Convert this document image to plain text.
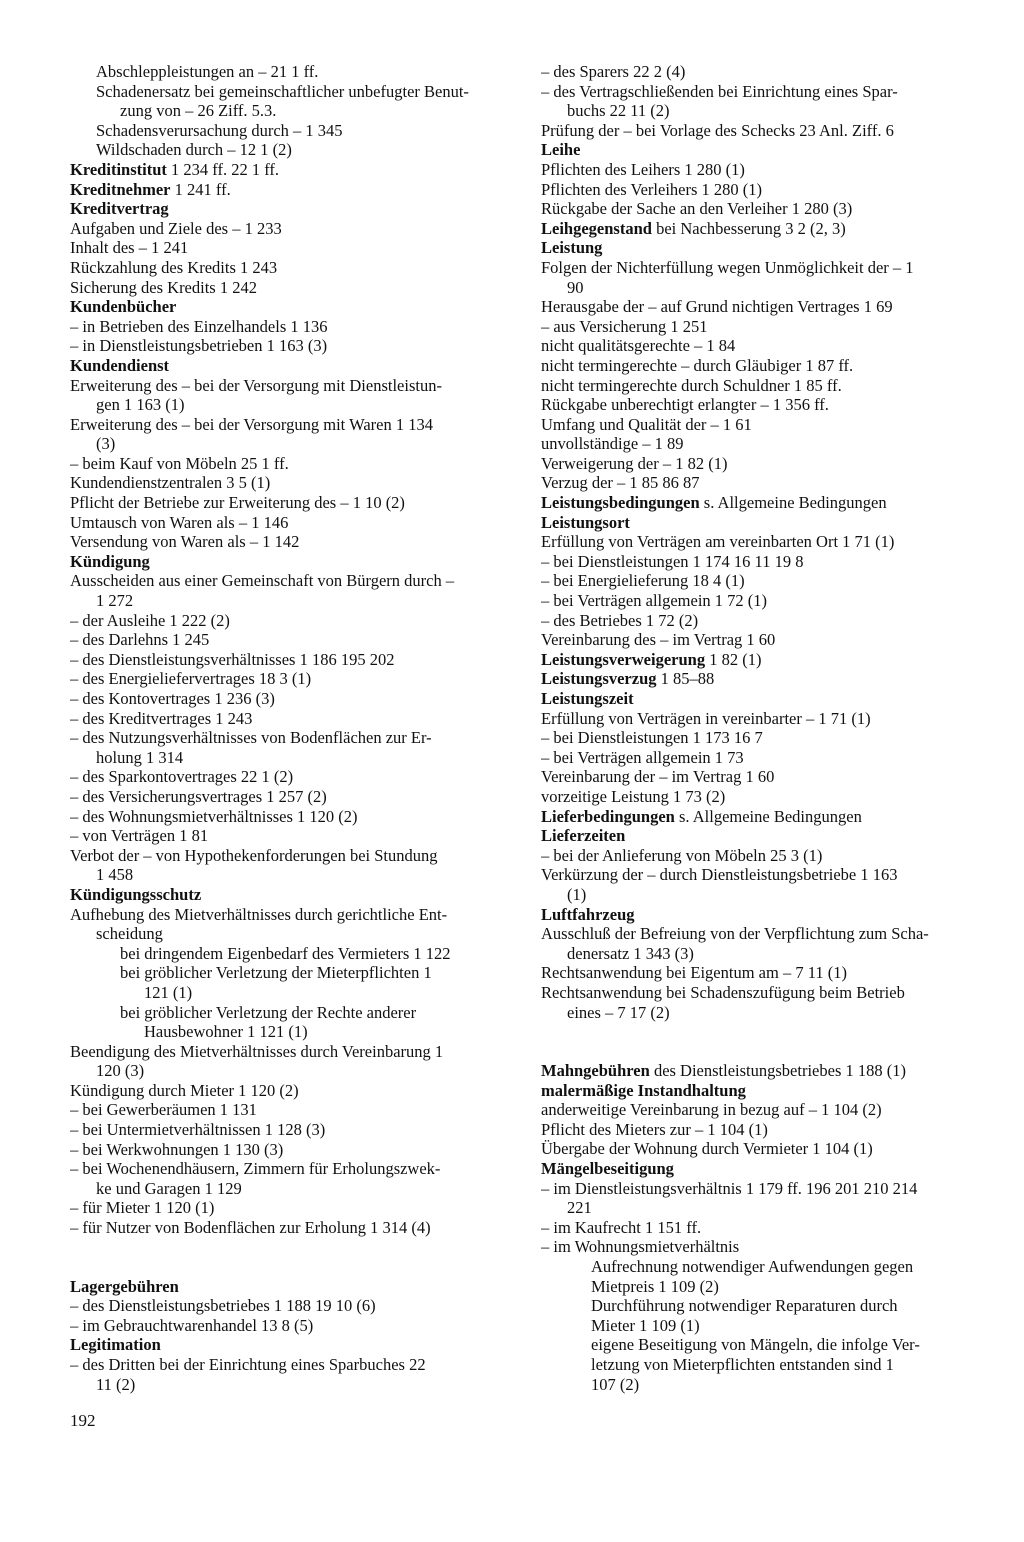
Abschleppleistungen an – 21 1 ff.
Schadenersatz bei gemeinschaftlicher unbefugter Benut-
zung von – 26 Ziff. 5.3.
Schadensverursachung durch – 1 345
Wildschaden durch – 12 1 (2)
Kreditinstitut 1 234 ff. 22 1 ff.
Kreditnehmer 1 241 ff.
Kreditvertrag
Aufgaben und Ziele des – 1 233
Inhalt des – 1 241
Rückzahlung des Kredits 1 243
Sicherung des Kredits 1 242
Kundenbücher
– in Betrieben des Einzelhandels 1 136
– in Dienstleistungsbetrieben 1 163 (3)
Kundendienst
Erweiterung des – bei der Versorgung mit Dienstleistun-
gen 1 163 (1)
Erweiterung des – bei der Versorgung mit Waren 1 134
(3)
– beim Kauf von Möbeln 25 1 ff.
Kundendienstzentralen 3 5 (1)
Pflicht der Betriebe zur Erweiterung des – 1 10 (2)
Umtausch von Waren als – 1 146
Versendung von Waren als – 1 142
Kündigung
Ausscheiden aus einer Gemeinschaft von Bürgern durch –
1 272
– der Ausleihe 1 222 (2)
– des Darlehns 1 245
– des Dienstleistungsverhältnisses 1 186 195 202
– des Energieliefervertrages 18 3 (1)
– des Kontovertrages 1 236 (3)
– des Kreditvertrages 1 243
– des Nutzungsverhältnisses von Bodenflächen zur Er-
holung 1 314
– des Sparkontovertrages 22 1 (2)
– des Versicherungsvertrages 1 257 (2)
– des Wohnungsmietverhältnisses 1 120 (2)
– von Verträgen 1 81
Verbot der – von Hypothekenforderungen bei Stundung
1 458
Kündigungsschutz
Aufhebung des Mietverhältnisses durch gerichtliche Ent-
scheidung
bei dringendem Eigenbedarf des Vermieters 1 122
bei gröblicher Verletzung der Mieterpflichten 1
121 (1)
bei gröblicher Verletzung der Rechte anderer
Hausbewohner 1 121 (1)
Beendigung des Mietverhältnisses durch Vereinbarung 1
120 (3)
Kündigung durch Mieter 1 120 (2)
– bei Gewerberäumen 1 131
– bei Untermietverhältnissen 1 128 (3)
– bei Werkwohnungen 1 130 (3)
– bei Wochenendhäusern, Zimmern für Erholungszwek-
ke und Garagen 1 129
– für Mieter 1 120 (1)
– für Nutzer von Bodenflächen zur Erholung 1 314 (4)
Lagergebühren
– des Dienstleistungsbetriebes 1 188 19 10 (6)
– im Gebrauchtwarenhandel 13 8 (5)
Legitimation
– des Dritten bei der Einrichtung eines Sparbuches 22
11 (2)
– des Sparers 22 2 (4)
– des Vertragschließenden bei Einrichtung eines Spar-
buchs 22 11 (2)
Prüfung der – bei Vorlage des Schecks 23 Anl. Ziff. 6
Leihe
Pflichten des Leihers 1 280 (1)
Pflichten des Verleihers 1 280 (1)
Rückgabe der Sache an den Verleiher 1 280 (3)
Leihgegenstand bei Nachbesserung 3 2 (2, 3)
Leistung
Folgen der Nichterfüllung wegen Unmöglichkeit der – 1
90
Herausgabe der – auf Grund nichtigen Vertrages 1 69
– aus Versicherung 1 251
nicht qualitätsgerechte – 1 84
nicht termingerechte – durch Gläubiger 1 87 ff.
nicht termingerechte durch Schuldner 1 85 ff.
Rückgabe unberechtigt erlangter – 1 356 ff.
Umfang und Qualität der – 1 61
unvollständige – 1 89
Verweigerung der – 1 82 (1)
Verzug der – 1 85 86 87
Leistungsbedingungen s. Allgemeine Bedingungen
Leistungsort
Erfüllung von Verträgen am vereinbarten Ort 1 71 (1)
– bei Dienstleistungen 1 174 16 11 19 8
– bei Energielieferung 18 4 (1)
– bei Verträgen allgemein 1 72 (1)
– des Betriebes 1 72 (2)
Vereinbarung des – im Vertrag 1 60
Leistungsverweigerung 1 82 (1)
Leistungsverzug 1 85–88
Leistungszeit
Erfüllung von Verträgen in vereinbarter – 1 71 (1)
– bei Dienstleistungen 1 173 16 7
– bei Verträgen allgemein 1 73
Vereinbarung der – im Vertrag 1 60
vorzeitige Leistung 1 73 (2)
Lieferbedingungen s. Allgemeine Bedingungen
Lieferzeiten
– bei der Anlieferung von Möbeln 25 3 (1)
Verkürzung der – durch Dienstleistungsbetriebe 1 163
(1)
Luftfahrzeug
Ausschluß der Befreiung von der Verpflichtung zum Scha-
denersatz 1 343 (3)
Rechtsanwendung bei Eigentum am – 7 11 (1)
Rechtsanwendung bei Schadenszufügung beim Betrieb
eines – 7 17 (2)
Mahngebühren des Dienstleistungsbetriebes 1 188 (1)
malermäßige Instandhaltung
anderweitige Vereinbarung in bezug auf – 1 104 (2)
Pflicht des Mieters zur – 1 104 (1)
Übergabe der Wohnung durch Vermieter 1 104 (1)
Mängelbeseitigung
– im Dienstleistungsverhältnis 1 179 ff. 196 201 210 214
221
– im Kaufrecht 1 151 ff.
– im Wohnungsmietverhältnis
Aufrechnung notwendiger Aufwendungen gegen
Mietpreis 1 109 (2)
Durchführung notwendiger Reparaturen durch
Mieter 1 109 (1)
eigene Beseitigung von Mängeln, die infolge Ver-
letzung von Mieterpflichten entstanden sind 1
107 (2)
192
